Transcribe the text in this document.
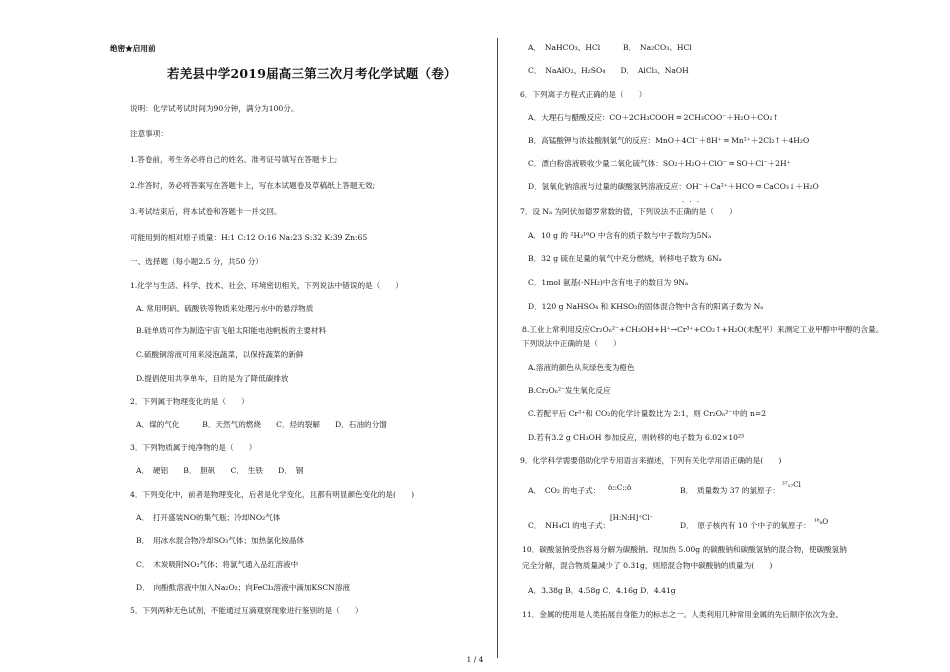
绝密★启用前
若羌县中学2019届高三第三次月考化学试题（卷）
说明：化学试考试时间为90分钟，满分为100分。
注意事项：
1.答卷前，考生务必将自己的姓名、准考证号填写在答题卡上;
2.作答时，务必将答案写在答题卡上，写在本试题卷及草稿纸上答题无效;
3.考试结束后，将本试卷和答题卡一并交回。
可能用到的相对原子质量：H:1 C:12 O:16 Na:23 S:32 K:39 Zn:65
一、选择题（每小题2.5 分，共50 分）
1.化学与生活、科学、技术、社会、环境密切相关，下列说法中错误的是（　　）
A. 常用明矾、硫酸铁等物质来处理污水中的悬浮物质
B.硅单质可作为制造宇宙飞船太阳能电池帆板的主要材料
C.硫酸铜溶液可用来浸泡蔬菜，以保持蔬菜的新鲜
D.提倡使用共享单车，目的是为了降低碳排放
2．下列属于物理变化的是（　　）
A．煤的气化　　　B．天然气的燃烧　　C．烃的裂解　　D．石油的分馏
3．下列物质属于纯净物的是（　　）
A．　硬铝　　B．　胆矾　　C．　生铁　　D．　钢
4．下列变化中，前者是物理变化，后者是化学变化，且都有明显颜色变化的是(　　)
A．　打开盛装NO的集气瓶；冷却NO₂气体
B．　用冰水混合物冷却SO₃气体；加热氯化铵晶体
C．　木炭吸附NO₂气体；将氯气通入品红溶液中
D．　向酚酞溶液中加入Na₂O₂；向FeCl₃溶液中滴加KSCN溶液
5．下列两种无色试剂，不能通过互滴观察现象进行鉴别的是（　　）
A．　NaHCO₃、HCl　　　B．　Na₂CO₃、HCl
C．　NaAlO₂、H₂SO₄　　D．　AlCl₃、NaOH
6．下列离子方程式正确的是（　　）
A．大理石与醋酸反应：CO＋2CH₃COOH ═ 2CH₃COO⁻＋H₂O＋CO₂↑
B．高锰酸钾与浓盐酸制氯气的反应：MnO＋4Cl⁻＋8H⁺ ═ Mn²⁺＋2Cl₂↑＋4H₂O
C．漂白粉溶液吸收少量二氧化硫气体：SO₂＋H₂O＋ClO⁻ ═ SO＋Cl⁻＋2H⁺
D．氢氧化钠溶液与过量的碳酸氢钙溶液反应：OH⁻＋Ca²⁺＋HCO ═ CaCO₃↓＋H₂O
· · ·
7．设 Nₐ 为阿伏加德罗常数的值，下列说法不正确的是（　　）
A．10 g 的 ²H₂¹⁶O 中含有的质子数与中子数均为5Nₐ
B．32 g 硫在足量的氧气中充分燃烧，转移电子数为 6Nₐ
C．1mol 氨基(-NH₂)中含有电子的数目为 9Nₐ
D．120 g NaHSO₄ 和 KHSO₃的固体混合物中含有的阳离子数为 Nₐ
8.工业上常利用反应Cr₂Oₙ²⁻+CH₃OH+H⁺→Cr³⁺+CO₂↑+H₂O(未配平）来测定工业甲醇中甲醇的含量。
下列说法中正确的是（　　）
A.溶液的颜色从灰绿色变为橙色
B.Cr₂Oₙ²⁻发生氧化反应
C.若配平后 Cr³⁺和 CO₂的化学计量数比为 2:1，则 Cr₂Oₙ²⁻中的 n=2
D.若有3.2 g CH₃OH 参加反应，则转移的电子数为 6.02×10²³
9．化学科学需要借助化学专用语言来描述，下列有关化学用语正确的是(　　)
A．　CO₂ 的电子式： ö::C::ö	B．　质量数为 37 的氯原子：
³⁷₁₇Cl
C．　NH₄Cl 的电子式：
[H:N:H]⁺Cl⁻
D．　原子核内有 10 个中子的氧原子： ¹⁸₈O
10．碳酸氢钠受热容易分解为碳酸钠。现加热 5.00g 的碳酸钠和碳酸氢钠的混合物，使碳酸氢钠
完全分解，混合物质量减少了 0.31g，则原混合物中碳酸钠的质量为(　　)
A．3.38g B．4.58g C．4.16g D．4.41g
11．金属的使用是人类拓展自身能力的标志之一。人类利用几种常用金属的先后顺序依次为金、
1 / 4
